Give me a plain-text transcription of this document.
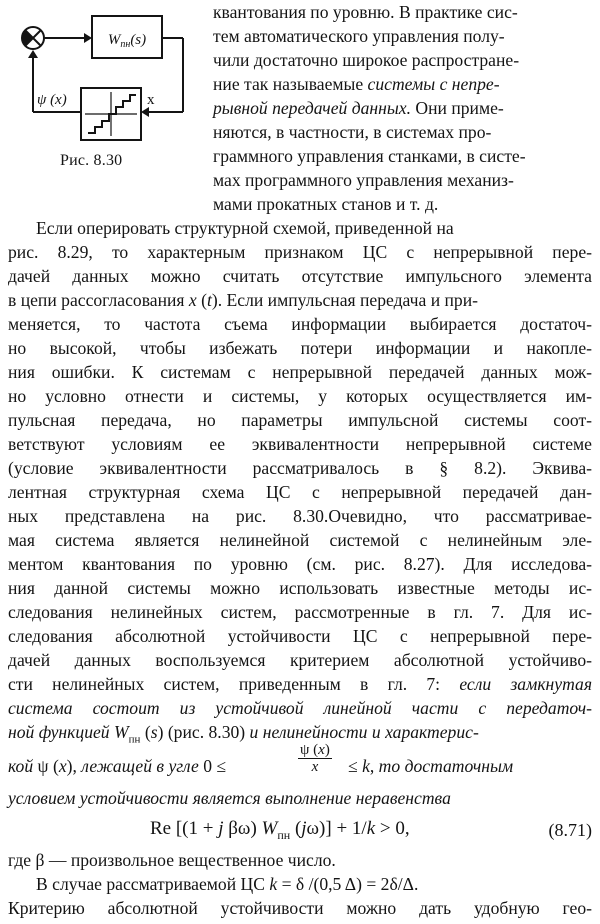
$W_{пн}(s)$
ψ (x)	x
Рис. 8.30
квантования по уровню. В практике сис-
тем автоматического управления полу-
чили достаточно широкое распростране-
ние так называемые системы с непре-
рывной передачей данных. Они приме-
няются, в частности, в системах про-
граммного управления станками, в систе-
мах программного управления механиз-
мами прокатных станов и т. д.
Если оперировать структурной схемой, приведенной на
рис. 8.29, то характерным признаком ЦС с непрерывной пере-
дачей данных можно считать отсутствие импульсного элемента
в цепи рассогласования x (t). Если импульсная передача и при-
меняется, то частота съема информации выбирается достаточ-
но высокой, чтобы избежать потери информации и накопле-
ния ошибки. К системам с непрерывной передачей данных мож-
но условно отнести и системы, у которых осуществляется им-
пульсная передача, но параметры импульсной системы соот-
ветствуют условиям ее эквивалентности непрерывной системе
(условие эквивалентности рассматривалось в § 8.2). Эквива-
лентная структурная схема ЦС с непрерывной передачей дан-
ных представлена на рис. 8.30.Очевидно, что рассматривае-
мая система является нелинейной системой с нелинейным эле-
ментом квантования по уровню (см. рис. 8.27). Для исследова-
ния данной системы можно использовать известные методы ис-
следования нелинейных систем, рассмотренные в гл. 7. Для ис-
следования абсолютной устойчивости ЦС с непрерывной пере-
дачей данных воспользуемся критерием абсолютной устойчиво-
сти нелинейных систем, приведенным в гл. 7: если замкнутая
система состоит из устойчивой линейной части с передаточ-
ной функцией $W_{пн}$ (s) (рис. 8.30) и нелинейности и характерис-
кой ψ (x), лежащей в угле 0 ≤
ψ (x)
x	≤ k, то достаточным
условием устойчивости является выполнение неравенства
Re [(1 + j βω) $W_{пн}$ (jω)] + 1/k > 0,	(8.71)
где β — произвольное вещественное число.
В случае рассматриваемой ЦС k = δ /(0,5 Δ) = 2δ/Δ.
Критерию абсолютной устойчивости можно дать удобную гео-
